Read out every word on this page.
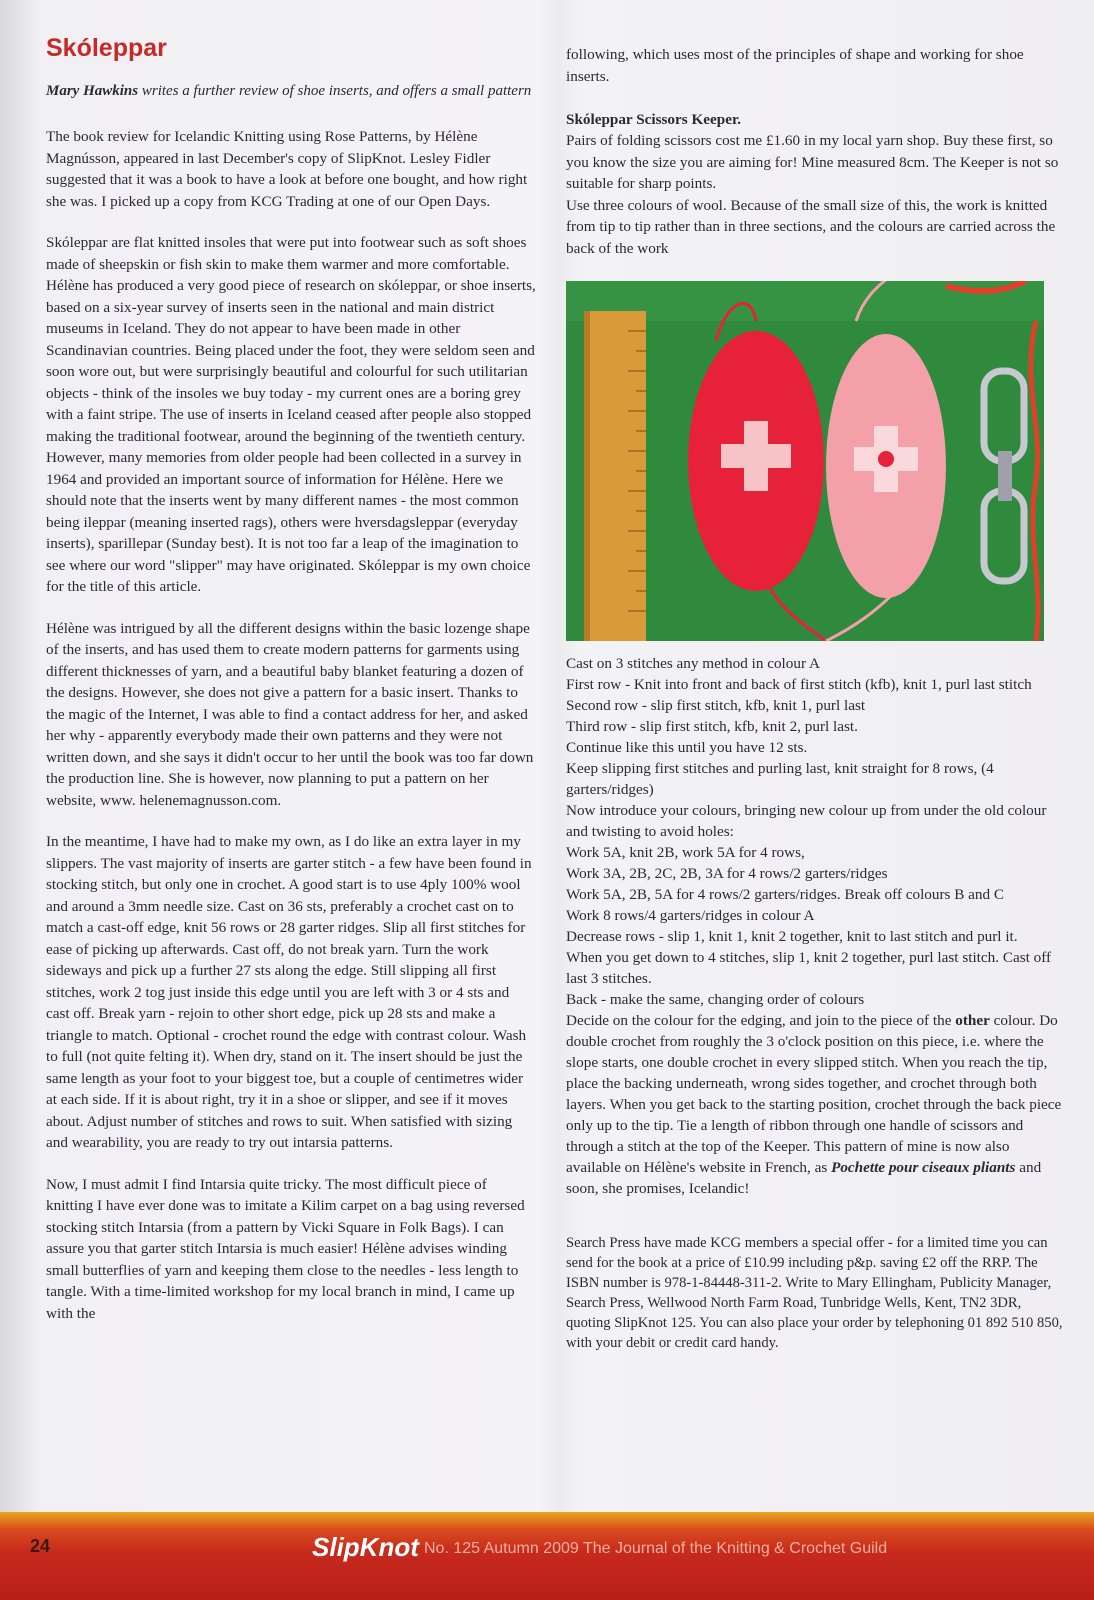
Skóleppar
Mary Hawkins writes a further review of shoe inserts, and offers a small pattern

The book review for Icelandic Knitting using Rose Patterns, by Hélène Magnússon, appeared in last December's copy of SlipKnot. Lesley Fidler suggested that it was a book to have a look at before one bought, and how right she was. I picked up a copy from KCG Trading at one of our Open Days.

Skóleppar are flat knitted insoles that were put into footwear such as soft shoes made of sheepskin or fish skin to make them warmer and more comfortable. Hélène has produced a very good piece of research on skóleppar, or shoe inserts, based on a six-year survey of inserts seen in the national and main district museums in Iceland. They do not appear to have been made in other Scandinavian countries. Being placed under the foot, they were seldom seen and soon wore out, but were surprisingly beautiful and colourful for such utilitarian objects - think of the insoles we buy today - my current ones are a boring grey with a faint stripe. The use of inserts in Iceland ceased after people also stopped making the traditional footwear, around the beginning of the twentieth century. However, many memories from older people had been collected in a survey in 1964 and provided an important source of information for Hélène. Here we should note that the inserts went by many different names - the most common being ileppar (meaning inserted rags), others were hversdagsleppar (everyday inserts), sparillepar (Sunday best). It is not too far a leap of the imagination to see where our word "slipper" may have originated. Skóleppar is my own choice for the title of this article.

Hélène was intrigued by all the different designs within the basic lozenge shape of the inserts, and has used them to create modern patterns for garments using different thicknesses of yarn, and a beautiful baby blanket featuring a dozen of the designs. However, she does not give a pattern for a basic insert. Thanks to the magic of the Internet, I was able to find a contact address for her, and asked her why - apparently everybody made their own patterns and they were not written down, and she says it didn't occur to her until the book was too far down the production line. She is however, now planning to put a pattern on her website, www. helenemagnusson.com.

In the meantime, I have had to make my own, as I do like an extra layer in my slippers. The vast majority of inserts are garter stitch - a few have been found in stocking stitch, but only one in crochet. A good start is to use 4ply 100% wool and around a 3mm needle size. Cast on 36 sts, preferably a crochet cast on to match a cast-off edge, knit 56 rows or 28 garter ridges. Slip all first stitches for ease of picking up afterwards. Cast off, do not break yarn. Turn the work sideways and pick up a further 27 sts along the edge. Still slipping all first stitches, work 2 tog just inside this edge until you are left with 3 or 4 sts and cast off. Break yarn - rejoin to other short edge, pick up 28 sts and make a triangle to match. Optional - crochet round the edge with contrast colour. Wash to full (not quite felting it). When dry, stand on it. The insert should be just the same length as your foot to your biggest toe, but a couple of centimetres wider at each side. If it is about right, try it in a shoe or slipper, and see if it moves about. Adjust number of stitches and rows to suit. When satisfied with sizing and wearability, you are ready to try out intarsia patterns.

Now, I must admit I find Intarsia quite tricky. The most difficult piece of knitting I have ever done was to imitate a Kilim carpet on a bag using reversed stocking stitch Intarsia (from a pattern by Vicki Square in Folk Bags). I can assure you that garter stitch Intarsia is much easier! Hélène advises winding small butterflies of yarn and keeping them close to the needles - less length to tangle. With a time-limited workshop for my local branch in mind, I came up with the

following, which uses most of the principles of shape and working for shoe inserts.
Skóleppar Scissors Keeper.
Pairs of folding scissors cost me £1.60 in my local yarn shop. Buy these first, so you know the size you are aiming for! Mine measured 8cm. The Keeper is not so suitable for sharp points.
Use three colours of wool. Because of the small size of this, the work is knitted from tip to tip rather than in three sections, and the colours are carried across the back of the work
Cast on 3 stitches any method in colour A
First row - Knit into front and back of first stitch (kfb), knit 1, purl last stitch
Second row - slip first stitch, kfb, knit 1, purl last
Third row - slip first stitch, kfb, knit 2, purl last.
Continue like this until you have 12 sts.
Keep slipping first stitches and purling last, knit straight for 8 rows, (4 garters/ridges)
Now introduce your colours, bringing new colour up from under the old colour and twisting to avoid holes:
Work 5A, knit 2B, work 5A for 4 rows,
Work 3A, 2B, 2C, 2B, 3A for 4 rows/2 garters/ridges
Work 5A, 2B, 5A for 4 rows/2 garters/ridges. Break off colours B and C
Work 8 rows/4 garters/ridges in colour A
Decrease rows - slip 1, knit 1, knit 2 together, knit to last stitch and purl it.
When you get down to 4 stitches, slip 1, knit 2 together, purl last stitch. Cast off last 3 stitches.
Back - make the same, changing order of colours
Decide on the colour for the edging, and join to the piece of the other colour. Do double crochet from roughly the 3 o'clock position on this piece, i.e. where the slope starts, one double crochet in every slipped stitch. When you reach the tip, place the backing underneath, wrong sides together, and crochet through both layers. When you get back to the starting position, crochet through the back piece only up to the tip. Tie a length of ribbon through one handle of scissors and through a stitch at the top of the Keeper. This pattern of mine is now also available on Hélène's website in French, as Pochette pour ciseaux pliants and soon, she promises, Icelandic!
Search Press have made KCG members a special offer - for a limited time you can send for the book at a price of £10.99 including p&p. saving £2 off the RRP. The ISBN number is 978-1-84448-311-2. Write to Mary Ellingham, Publicity Manager, Search Press, Wellwood North Farm Road, Tunbridge Wells, Kent, TN2 3DR, quoting SlipKnot 125. You can also place your order by telephoning 01 892 510 850, with your debit or credit card handy.
24	SlipKnot No. 125 Autumn 2009 The Journal of the Knitting & Crochet Guild
